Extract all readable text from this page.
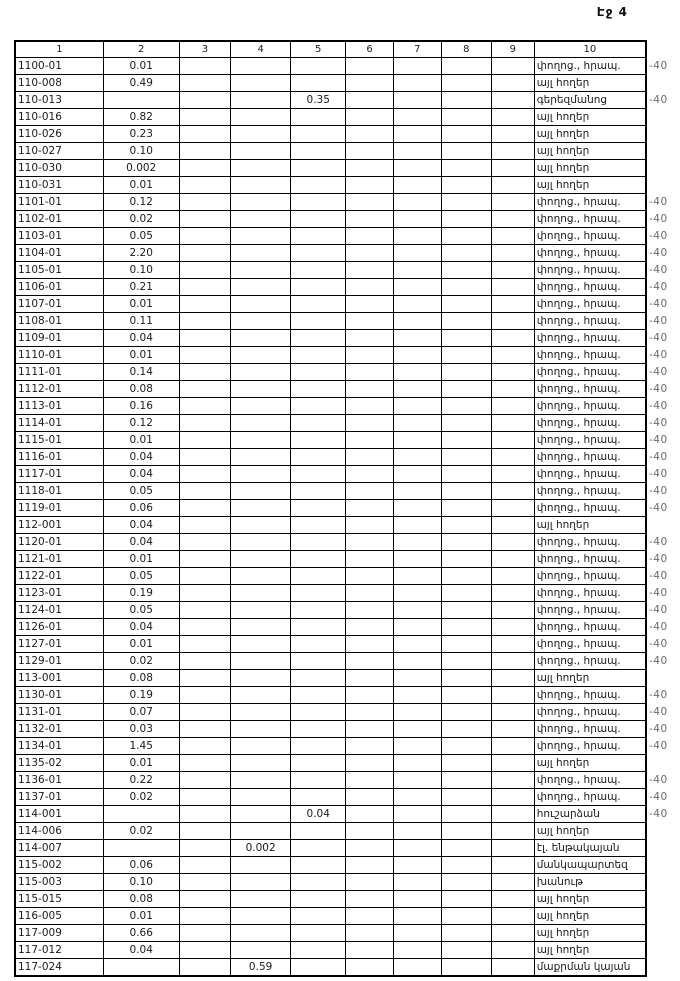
Էջ 4
1	2	3	4	5	6	7	8	9	10	
1100-01	0.01								փողոց., հրապ.	-40
110-008	0.49								այլ հողեր	
110-013				0.35					գերեզմանոց	-40
110-016	0.82								այլ հողեր	
110-026	0.23								այլ հողեր	
110-027	0.10								այլ հողեր	
110-030	0.002								այլ հողեր	
110-031	0.01								այլ հողեր	
1101-01	0.12								փողոց., հրապ.	-40
1102-01	0.02								փողոց., հրապ.	-40
1103-01	0.05								փողոց., հրապ.	-40
1104-01	2.20								փողոց., հրապ.	-40
1105-01	0.10								փողոց., հրապ.	-40
1106-01	0.21								փողոց., հրապ.	-40
1107-01	0.01								փողոց., հրապ.	-40
1108-01	0.11								փողոց., հրապ.	-40
1109-01	0.04								փողոց., հրապ.	-40
1110-01	0.01								փողոց., հրապ.	-40
1111-01	0.14								փողոց., հրապ.	-40
1112-01	0.08								փողոց., հրապ.	-40
1113-01	0.16								փողոց., հրապ.	-40
1114-01	0.12								փողոց., հրապ.	-40
1115-01	0.01								փողոց., հրապ.	-40
1116-01	0.04								փողոց., հրապ.	-40
1117-01	0.04								փողոց., հրապ.	-40
1118-01	0.05								փողոց., հրապ.	-40
1119-01	0.06								փողոց., հրապ.	-40
112-001	0.04								այլ հողեր	
1120-01	0.04								փողոց., հրապ.	-40
1121-01	0.01								փողոց., հրապ.	-40
1122-01	0.05								փողոց., հրապ.	-40
1123-01	0.19								փողոց., հրապ.	-40
1124-01	0.05								փողոց., հրապ.	-40
1126-01	0.04								փողոց., հրապ.	-40
1127-01	0.01								փողոց., հրապ.	-40
1129-01	0.02								փողոց., հրապ.	-40
113-001	0.08								այլ հողեր	
1130-01	0.19								փողոց., հրապ.	-40
1131-01	0.07								փողոց., հրապ.	-40
1132-01	0.03								փողոց., հրապ.	-40
1134-01	1.45								փողոց., հրապ.	-40
1135-02	0.01								այլ հողեր	
1136-01	0.22								փողոց., հրապ.	-40
1137-01	0.02								փողոց., հրապ.	-40
114-001				0.04					հուշարձան	-40
114-006	0.02								այլ հողեր	
114-007			0.002						էլ. ենթակայան	
115-002	0.06								մանկապարտեզ	
115-003	0.10								խանութ	
115-015	0.08								այլ հողեր	
116-005	0.01								այլ հողեր	
117-009	0.66								այլ հողեր	
117-012	0.04								այլ հողեր	
117-024			0.59						մաքրման կայան	
